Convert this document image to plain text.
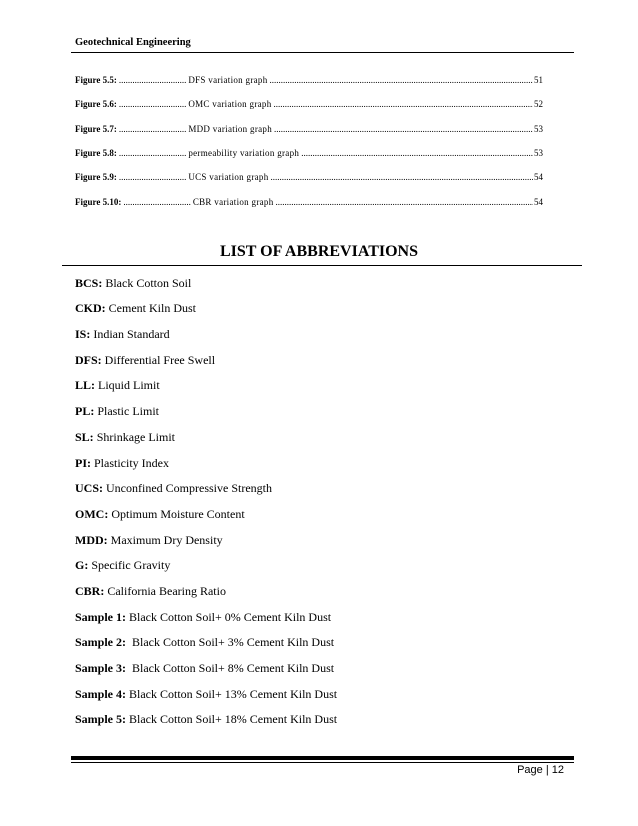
Geotechnical Engineering
Figure 5.5: .............................. DFS variation graph .....	51
Figure 5.6: .............................. OMC variation graph .....	52
Figure 5.7: .............................. MDD variation graph .....	53
Figure 5.8: .............................. permeability variation graph .....	53
Figure 5.9: .............................. UCS variation graph .....	54
Figure 5.10: .............................. CBR variation graph .....	54
LIST OF ABBREVIATIONS
BCS: Black Cotton Soil
CKD: Cement Kiln Dust
IS: Indian Standard
DFS: Differential Free Swell
LL: Liquid Limit
PL: Plastic Limit
SL: Shrinkage Limit
PI: Plasticity Index
UCS: Unconfined Compressive Strength
OMC: Optimum Moisture Content
MDD: Maximum Dry Density
G: Specific Gravity
CBR: California Bearing Ratio
Sample 1: Black Cotton Soil+ 0% Cement Kiln Dust
Sample 2: Black Cotton Soil+ 3% Cement Kiln Dust
Sample 3: Black Cotton Soil+ 8% Cement Kiln Dust
Sample 4: Black Cotton Soil+ 13% Cement Kiln Dust
Sample 5: Black Cotton Soil+ 18% Cement Kiln Dust
Page | 12
